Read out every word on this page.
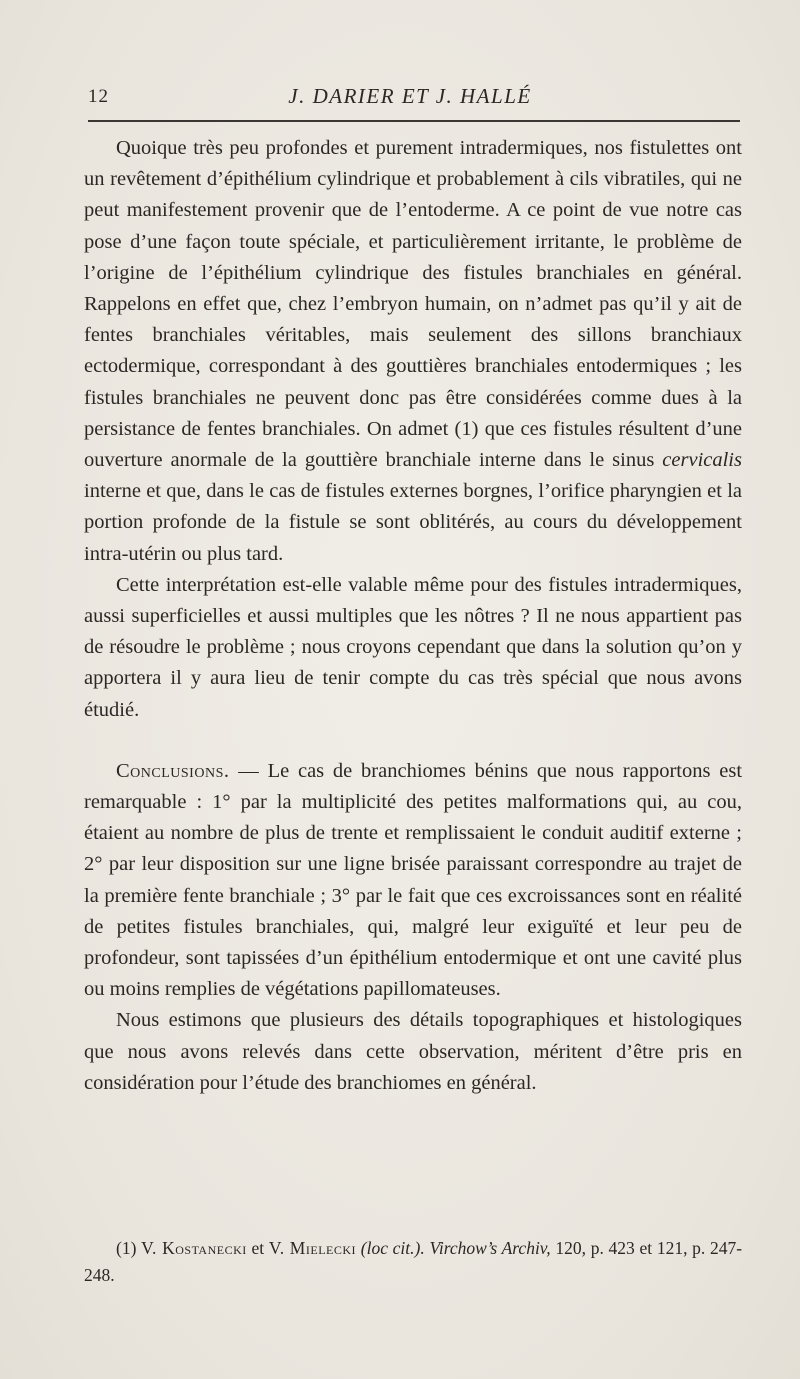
12	J. DARIER ET J. HALLÉ

Quoique très peu profondes et purement intradermiques, nos fistulettes ont un revêtement d’épithélium cylindrique et probablement à cils vibratiles, qui ne peut manifestement provenir que de l’entoderme. A ce point de vue notre cas pose d’une façon toute spéciale, et particulièrement irritante, le problème de l’origine de l’épithélium cylindrique des fistules branchiales en général. Rappelons en effet que, chez l’embryon humain, on n’admet pas qu’il y ait de fentes branchiales véritables, mais seulement des sillons branchiaux ectodermique, correspondant à des gouttières branchiales entodermiques ; les fistules branchiales ne peuvent donc pas être considérées comme dues à la persistance de fentes branchiales. On admet (1) que ces fistules résultent d’une ouverture anormale de la gouttière branchiale interne dans le sinus cervicalis interne et que, dans le cas de fistules externes borgnes, l’orifice pharyngien et la portion profonde de la fistule se sont oblitérés, au cours du développement intra-utérin ou plus tard.

Cette interprétation est-elle valable même pour des fistules intradermiques, aussi superficielles et aussi multiples que les nôtres ? Il ne nous appartient pas de résoudre le problème ; nous croyons cependant que dans la solution qu’on y apportera il y aura lieu de tenir compte du cas très spécial que nous avons étudié.

Conclusions. — Le cas de branchiomes bénins que nous rapportons est remarquable : 1° par la multiplicité des petites malformations qui, au cou, étaient au nombre de plus de trente et remplissaient le conduit auditif externe ; 2° par leur disposition sur une ligne brisée paraissant correspondre au trajet de la première fente branchiale ; 3° par le fait que ces excroissances sont en réalité de petites fistules branchiales, qui, malgré leur exiguïté et leur peu de profondeur, sont tapissées d’un épithélium entodermique et ont une cavité plus ou moins remplies de végétations papillomateuses.

Nous estimons que plusieurs des détails topographiques et histologiques que nous avons relevés dans cette observation, méritent d’être pris en considération pour l’étude des branchiomes en général.

(1) V. Kostanecki et V. Mielecki (loc cit.). Virchow’s Archiv, 120, p. 423 et 121, p. 247-248.
